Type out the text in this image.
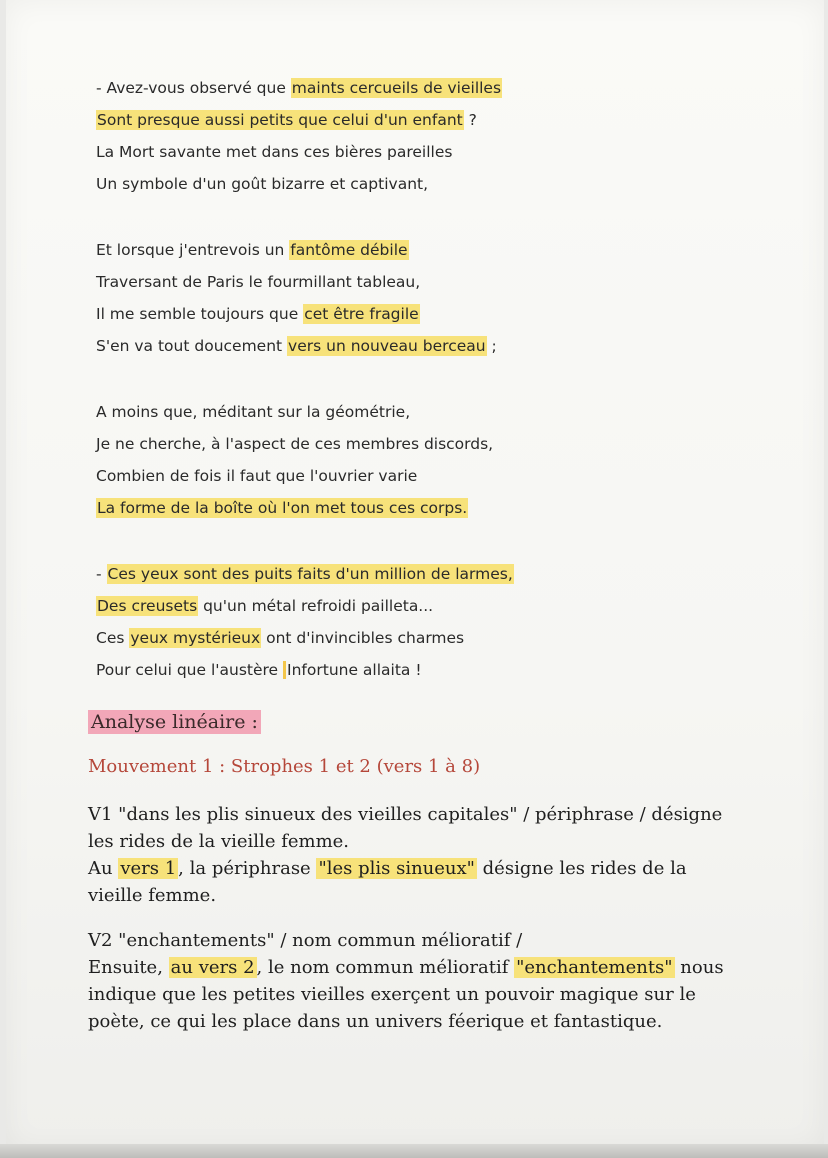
- Avez-vous observé que maints cercueils de vieilles
Sont presque aussi petits que celui d'un enfant ?
La Mort savante met dans ces bières pareilles
Un symbole d'un goût bizarre et captivant,
Et lorsque j'entrevois un fantôme débile
Traversant de Paris le fourmillant tableau,
Il me semble toujours que cet être fragile
S'en va tout doucement vers un nouveau berceau ;
A moins que, méditant sur la géométrie,
Je ne cherche, à l'aspect de ces membres discords,
Combien de fois il faut que l'ouvrier varie
La forme de la boîte où l'on met tous ces corps.
- Ces yeux sont des puits faits d'un million de larmes,
Des creusets qu'un métal refroidi pailleta...
Ces yeux mystérieux ont d'invincibles charmes
Pour celui que l'austère Infortune allaita !
Analyse linéaire :
Mouvement 1 : Strophes 1 et 2 (vers 1 à 8)
V1 "dans les plis sinueux des vieilles capitales" / périphrase / désigne les rides de la vieille femme.
Au vers 1 , la périphrase "les plis sinueux" désigne les rides de la vieille femme.
V2 "enchantements" / nom commun mélioratif /
Ensuite, au vers 2 , le nom commun mélioratif "enchantements" nous indique que les petites vieilles exerçent un pouvoir magique sur le poète, ce qui les place dans un univers féerique et fantastique.
